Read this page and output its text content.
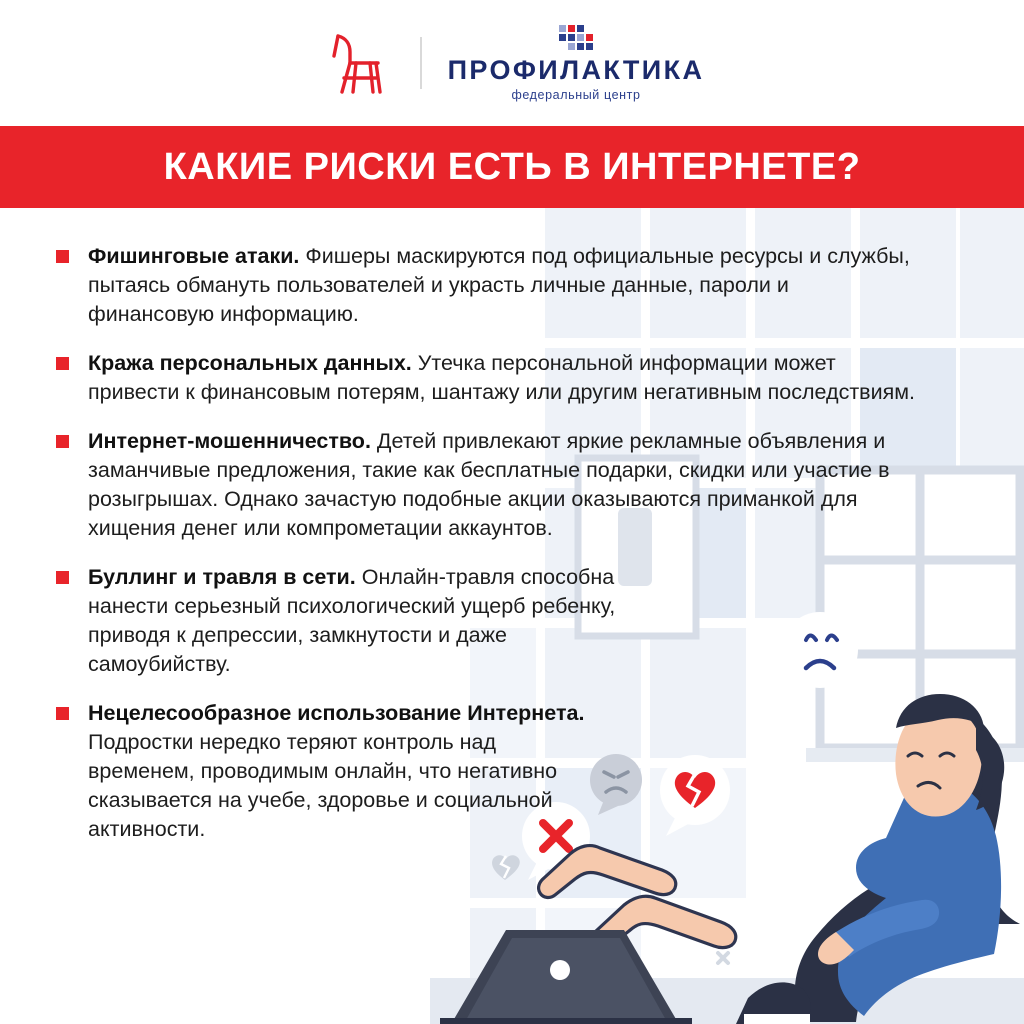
ПРОФИЛАКТИКА
федеральный центр
КАКИЕ РИСКИ ЕСТЬ В ИНТЕРНЕТЕ?
Фишинговые атаки. Фишеры маскируются под официальные ресурсы и службы, пытаясь обмануть пользователей и украсть личные данные, пароли и финансовую информацию.
Кража персональных данных. Утечка персональной информации может привести к финансовым потерям, шантажу или другим негативным последствиям.
Интернет-мошенничество. Детей привлекают яркие рекламные объявления и заманчивые предложения, такие как бесплатные подарки, скидки или участие в розыгрышах. Однако зачастую подобные акции оказываются приманкой для хищения денег или компрометации аккаунтов.
Буллинг и травля в сети. Онлайн-травля способна нанести серьезный психологический ущерб ребенку, приводя к депрессии, замкнутости и даже самоубийству.
Нецелесообразное использование Интернета. Подростки нередко теряют контроль над временем, проводимым онлайн, что негативно сказывается на учебе, здоровье и социальной активности.
